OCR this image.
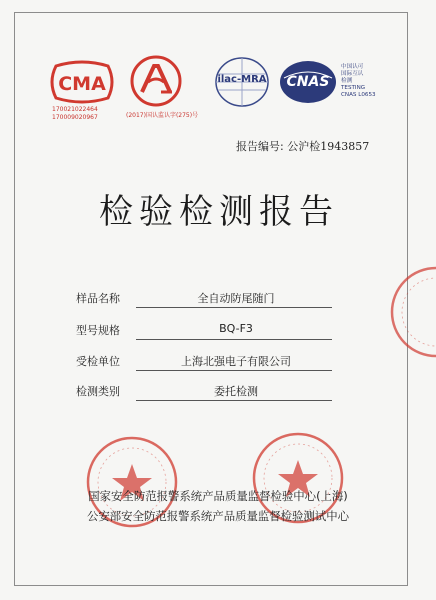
CMA
170021022464
170009020967	(2017)国认监认字(275)号
ilac-MRA	CNAS
中国认可
国际互认
检测
TESTING
CNAS L0653
报告编号: 公沪检1943857
检验检测报告
样品名称	全自动防尾随门
型号规格	BQ-F3
受检单位	上海北强电子有限公司
检测类别	委托检测
国家安全防范报警系统产品质量监督检验中心(上海)
公安部安全防范报警系统产品质量监督检验测试中心
